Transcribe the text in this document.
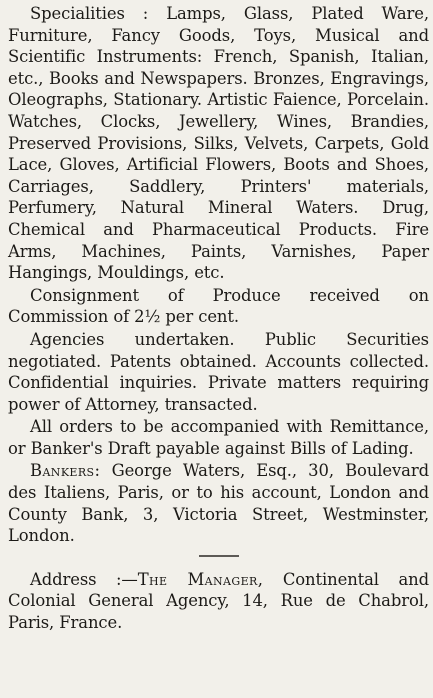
Specialities : Lamps, Glass, Plated Ware, Furniture, Fancy Goods, Toys, Musical and Scientific Instruments: French, Spanish, Italian, etc., Books and Newspapers. Bronzes, Engravings, Oleographs, Stationary. Artistic Faience, Porcelain. Watches, Clocks, Jewellery, Wines, Brandies, Preserved Provisions, Silks, Velvets, Carpets, Gold Lace, Gloves, Artificial Flowers, Boots and Shoes, Carriages, Saddlery, Printers' materials, Perfumery, Natural Mineral Waters. Drug, Chemical and Pharmaceutical Products. Fire Arms, Machines, Paints, Varnishes, Paper Hangings, Mouldings, etc.

Consignment of Produce received on Commission of 2½ per cent.

Agencies undertaken. Public Securities negotiated. Patents obtained. Accounts collected. Confidential inquiries. Private matters requiring power of Attorney, transacted.

All orders to be accompanied with Remittance, or Banker's Draft payable against Bills of Lading.

Bankers: George Waters, Esq., 30, Boulevard des Italiens, Paris, or to his account, London and County Bank, 3, Victoria Street, Westminster, London.

Address :—The Manager, Continental and Colonial General Agency, 14, Rue de Chabrol, Paris, France.
